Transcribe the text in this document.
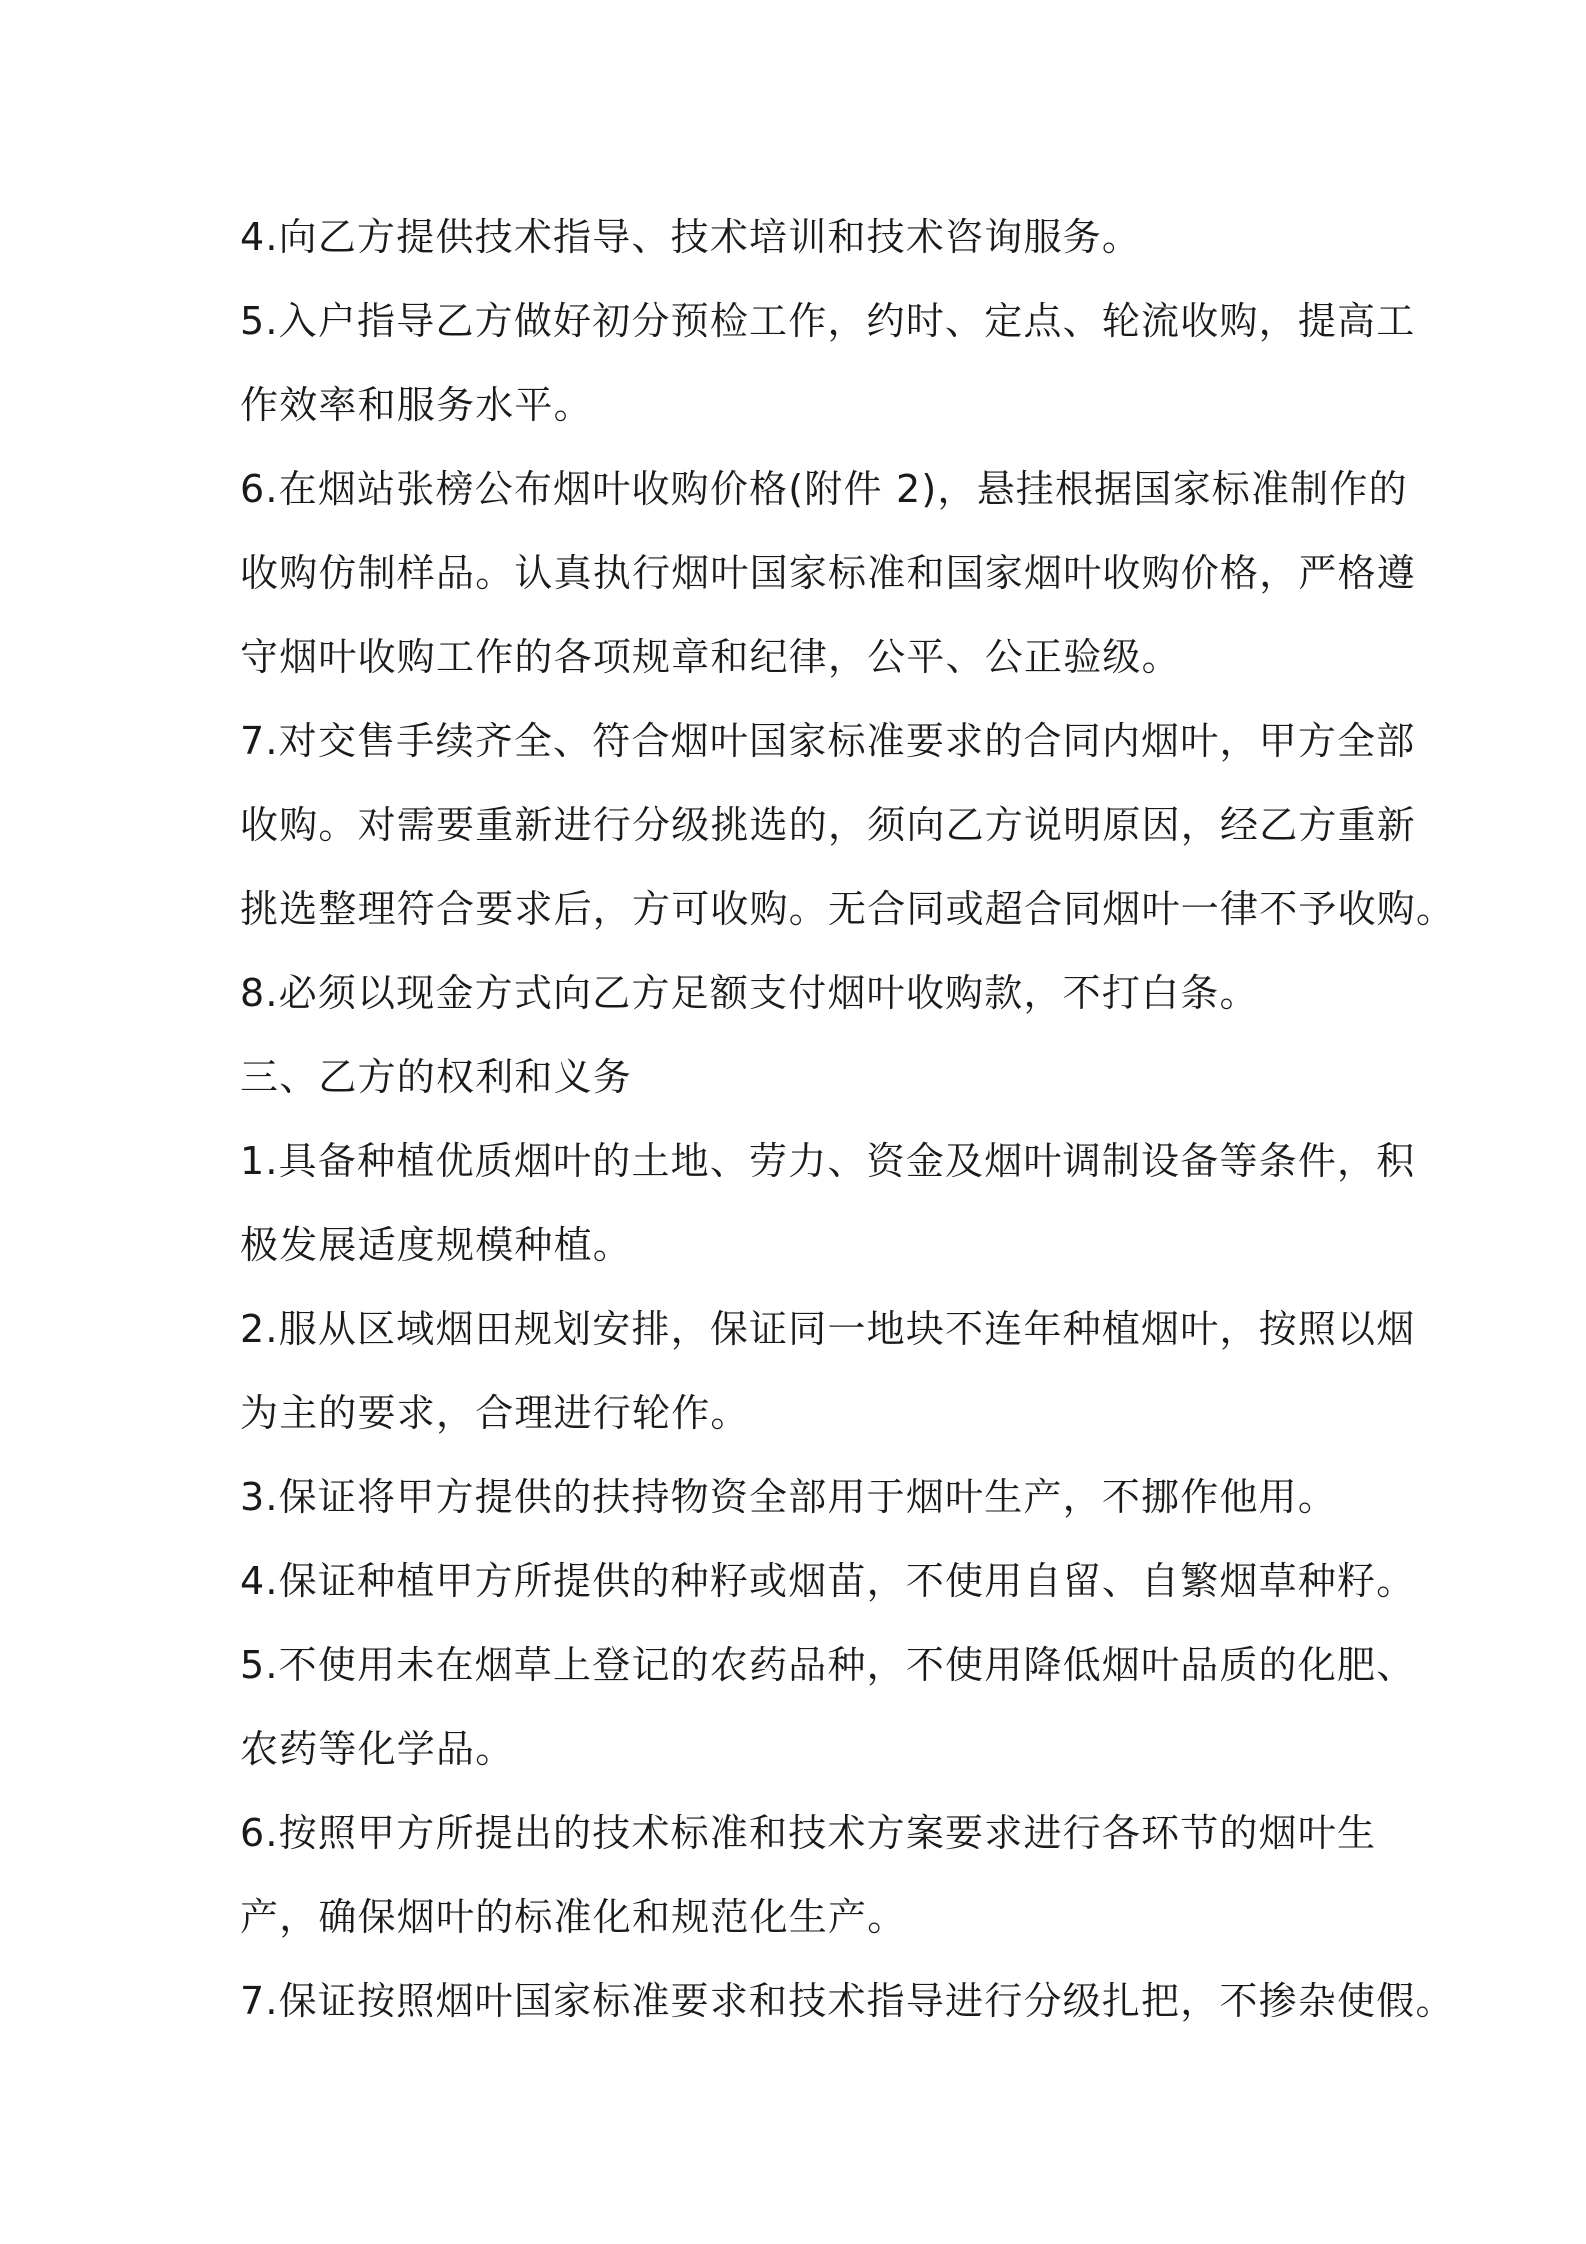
4.向乙方提供技术指导、技术培训和技术咨询服务。
5.入户指导乙方做好初分预检工作，约时、定点、轮流收购，提高工
作效率和服务水平。
6.在烟站张榜公布烟叶收购价格(附件 2)，悬挂根据国家标准制作的
收购仿制样品。认真执行烟叶国家标准和国家烟叶收购价格，严格遵
守烟叶收购工作的各项规章和纪律，公平、公正验级。
7.对交售手续齐全、符合烟叶国家标准要求的合同内烟叶，甲方全部
收购。对需要重新进行分级挑选的，须向乙方说明原因，经乙方重新
挑选整理符合要求后，方可收购。无合同或超合同烟叶一律不予收购。
8.必须以现金方式向乙方足额支付烟叶收购款，不打白条。
三、乙方的权利和义务
1.具备种植优质烟叶的土地、劳力、资金及烟叶调制设备等条件，积
极发展适度规模种植。
2.服从区域烟田规划安排，保证同一地块不连年种植烟叶，按照以烟
为主的要求，合理进行轮作。
3.保证将甲方提供的扶持物资全部用于烟叶生产，不挪作他用。
4.保证种植甲方所提供的种籽或烟苗，不使用自留、自繁烟草种籽。
5.不使用未在烟草上登记的农药品种，不使用降低烟叶品质的化肥、
农药等化学品。
6.按照甲方所提出的技术标准和技术方案要求进行各环节的烟叶生
产，确保烟叶的标准化和规范化生产。
7.保证按照烟叶国家标准要求和技术指导进行分级扎把，不掺杂使假。
